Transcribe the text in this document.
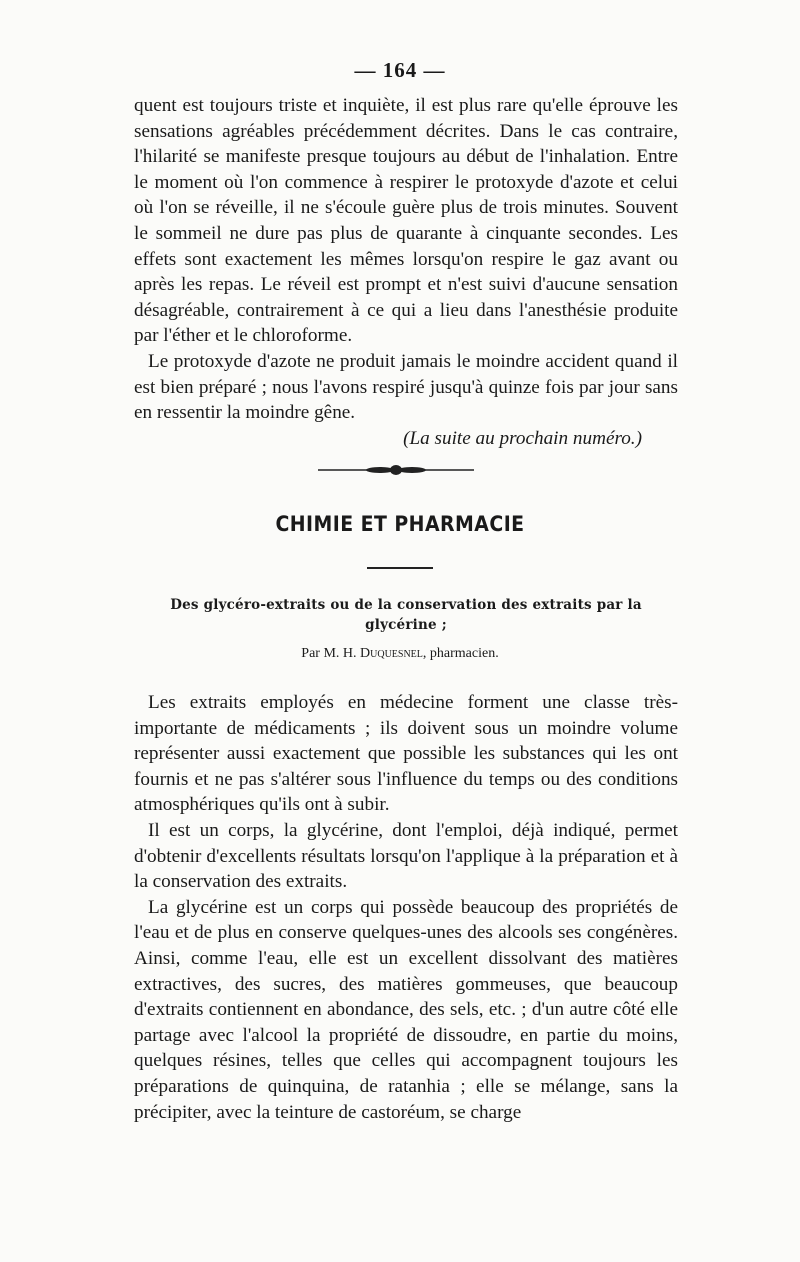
— 164 —

quent est toujours triste et inquiète, il est plus rare qu'elle éprouve les sensations agréables précédemment décrites. Dans le cas contraire, l'hilarité se manifeste presque toujours au début de l'inhalation. Entre le moment où l'on commence à respirer le protoxyde d'azote et celui où l'on se réveille, il ne s'écoule guère plus de trois minutes. Souvent le sommeil ne dure pas plus de quarante à cinquante secondes. Les effets sont exactement les mêmes lorsqu'on respire le gaz avant ou après les repas. Le réveil est prompt et n'est suivi d'aucune sensation désagréable, contrairement à ce qui a lieu dans l'anesthésie produite par l'éther et le chloroforme.

Le protoxyde d'azote ne produit jamais le moindre accident quand il est bien préparé ; nous l'avons respiré jusqu'à quinze fois par jour sans en ressentir la moindre gêne.

(La suite au prochain numéro.)

CHIMIE ET PHARMACIE
Des glycéro-extraits ou de la conservation des extraits par la glycérine ;
Par M. H. Duquesnel, pharmacien.

Les extraits employés en médecine forment une classe très-importante de médicaments ; ils doivent sous un moindre volume représenter aussi exactement que possible les substances qui les ont fournis et ne pas s'altérer sous l'influence du temps ou des conditions atmosphériques qu'ils ont à subir.

Il est un corps, la glycérine, dont l'emploi, déjà indiqué, permet d'obtenir d'excellents résultats lorsqu'on l'applique à la préparation et à la conservation des extraits.

La glycérine est un corps qui possède beaucoup des propriétés de l'eau et de plus en conserve quelques-unes des alcools ses congénères. Ainsi, comme l'eau, elle est un excellent dissolvant des matières extractives, des sucres, des matières gommeuses, que beaucoup d'extraits contiennent en abondance, des sels, etc. ; d'un autre côté elle partage avec l'alcool la propriété de dissoudre, en partie du moins, quelques résines, telles que celles qui accompagnent toujours les préparations de quinquina, de ratanhia ; elle se mélange, sans la précipiter, avec la teinture de castoréum, se charge
